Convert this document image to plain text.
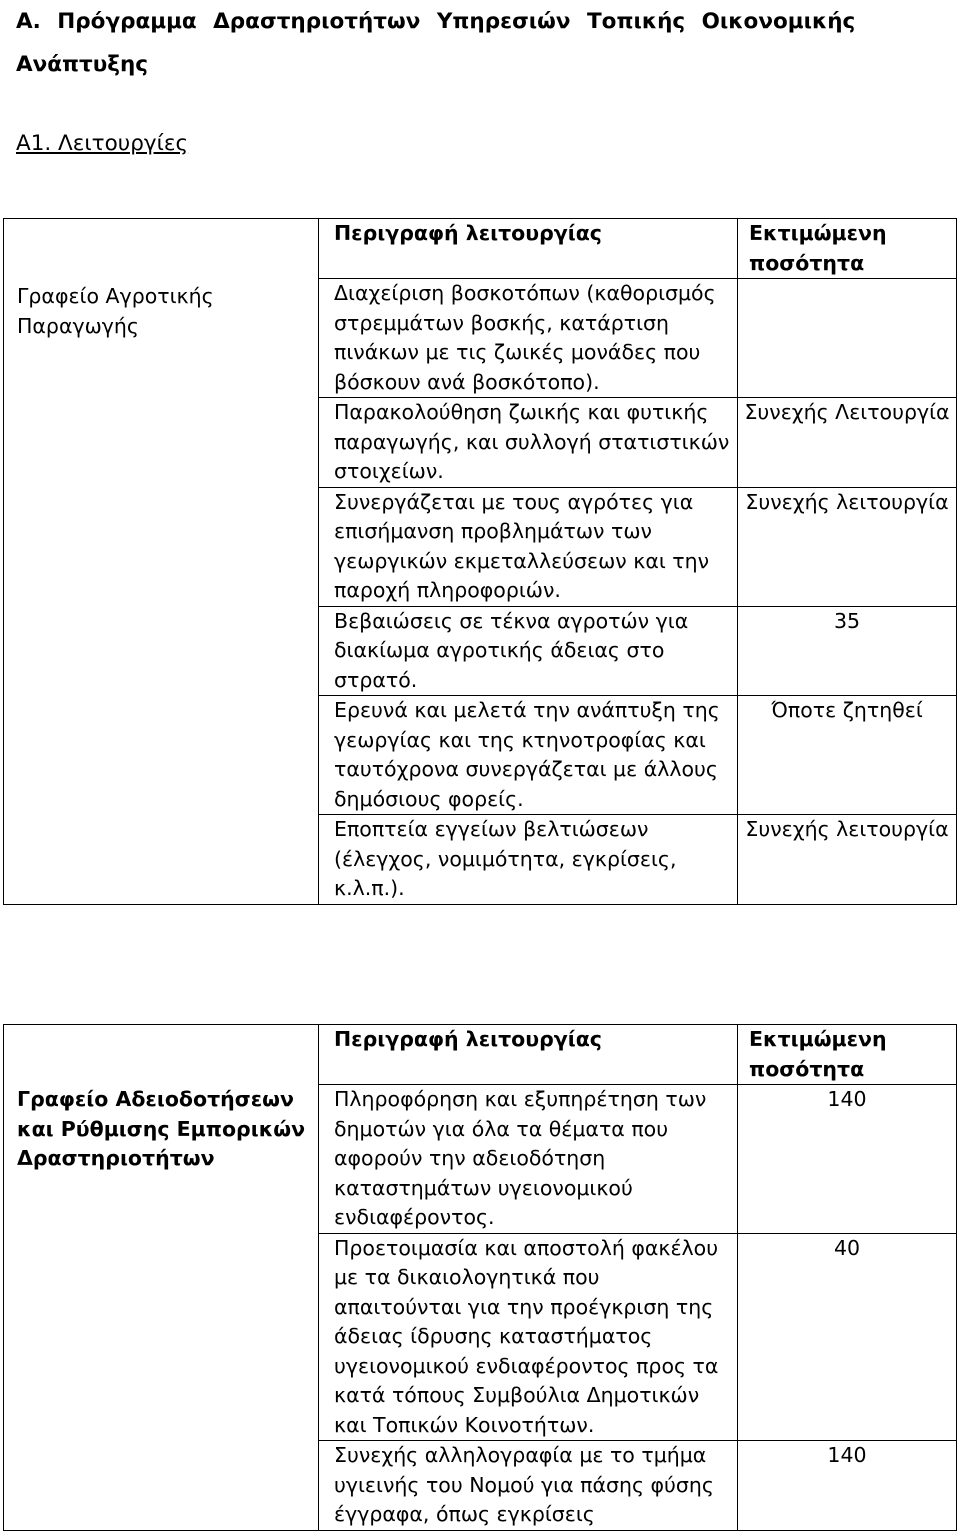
Α. Πρόγραμμα Δραστηριοτήτων Υπηρεσιών Τοπικής Οικονομικής Ανάπτυξης
Α1. Λειτουργίες
Γραφείο Αγροτικής Παραγωγής	Περιγραφή λειτουργίας	Εκτιμώμενη ποσότητα
	Διαχείριση βοσκοτόπων (καθορισμός στρεμμάτων βοσκής, κατάρτιση πινάκων με τις ζωικές μονάδες που βόσκουν ανά βοσκότοπο).	
	Παρακολούθηση ζωικής και φυτικής παραγωγής, και συλλογή στατιστικών στοιχείων.	Συνεχής Λειτουργία
	Συνεργάζεται με τους αγρότες για επισήμανση προβλημάτων των γεωργικών εκμεταλλεύσεων και την παροχή πληροφοριών.	Συνεχής λειτουργία
	Βεβαιώσεις σε τέκνα αγροτών για διακίωμα αγροτικής άδειας στο στρατό.	35
	Ερευνά και μελετά την ανάπτυξη της γεωργίας και της κτηνοτροφίας και ταυτόχρονα συνεργάζεται με άλλους δημόσιους φορείς.	Όποτε ζητηθεί
	Εποπτεία εγγείων βελτιώσεων (έλεγχος, νομιμότητα, εγκρίσεις, κ.λ.π.).	Συνεχής λειτουργία
Γραφείο Αδειοδοτήσεων και Ρύθμισης Εμπορικών Δραστηριοτήτων	Περιγραφή λειτουργίας	Εκτιμώμενη ποσότητα
	Πληροφόρηση και εξυπηρέτηση των δημοτών για όλα τα θέματα που αφορούν την αδειοδότηση καταστημάτων υγειονομικού ενδιαφέροντος.	140
	Προετοιμασία και αποστολή φακέλου με τα δικαιολογητικά που απαιτούνται για την προέγκριση της άδειας ίδρυσης καταστήματος υγειονομικού ενδιαφέροντος προς τα κατά τόπους Συμβούλια Δημοτικών και Τοπικών Κοινοτήτων.	40
	Συνεχής αλληλογραφία με το τμήμα υγιεινής του Νομού για πάσης φύσης έγγραφα, όπως εγκρίσεις	140
